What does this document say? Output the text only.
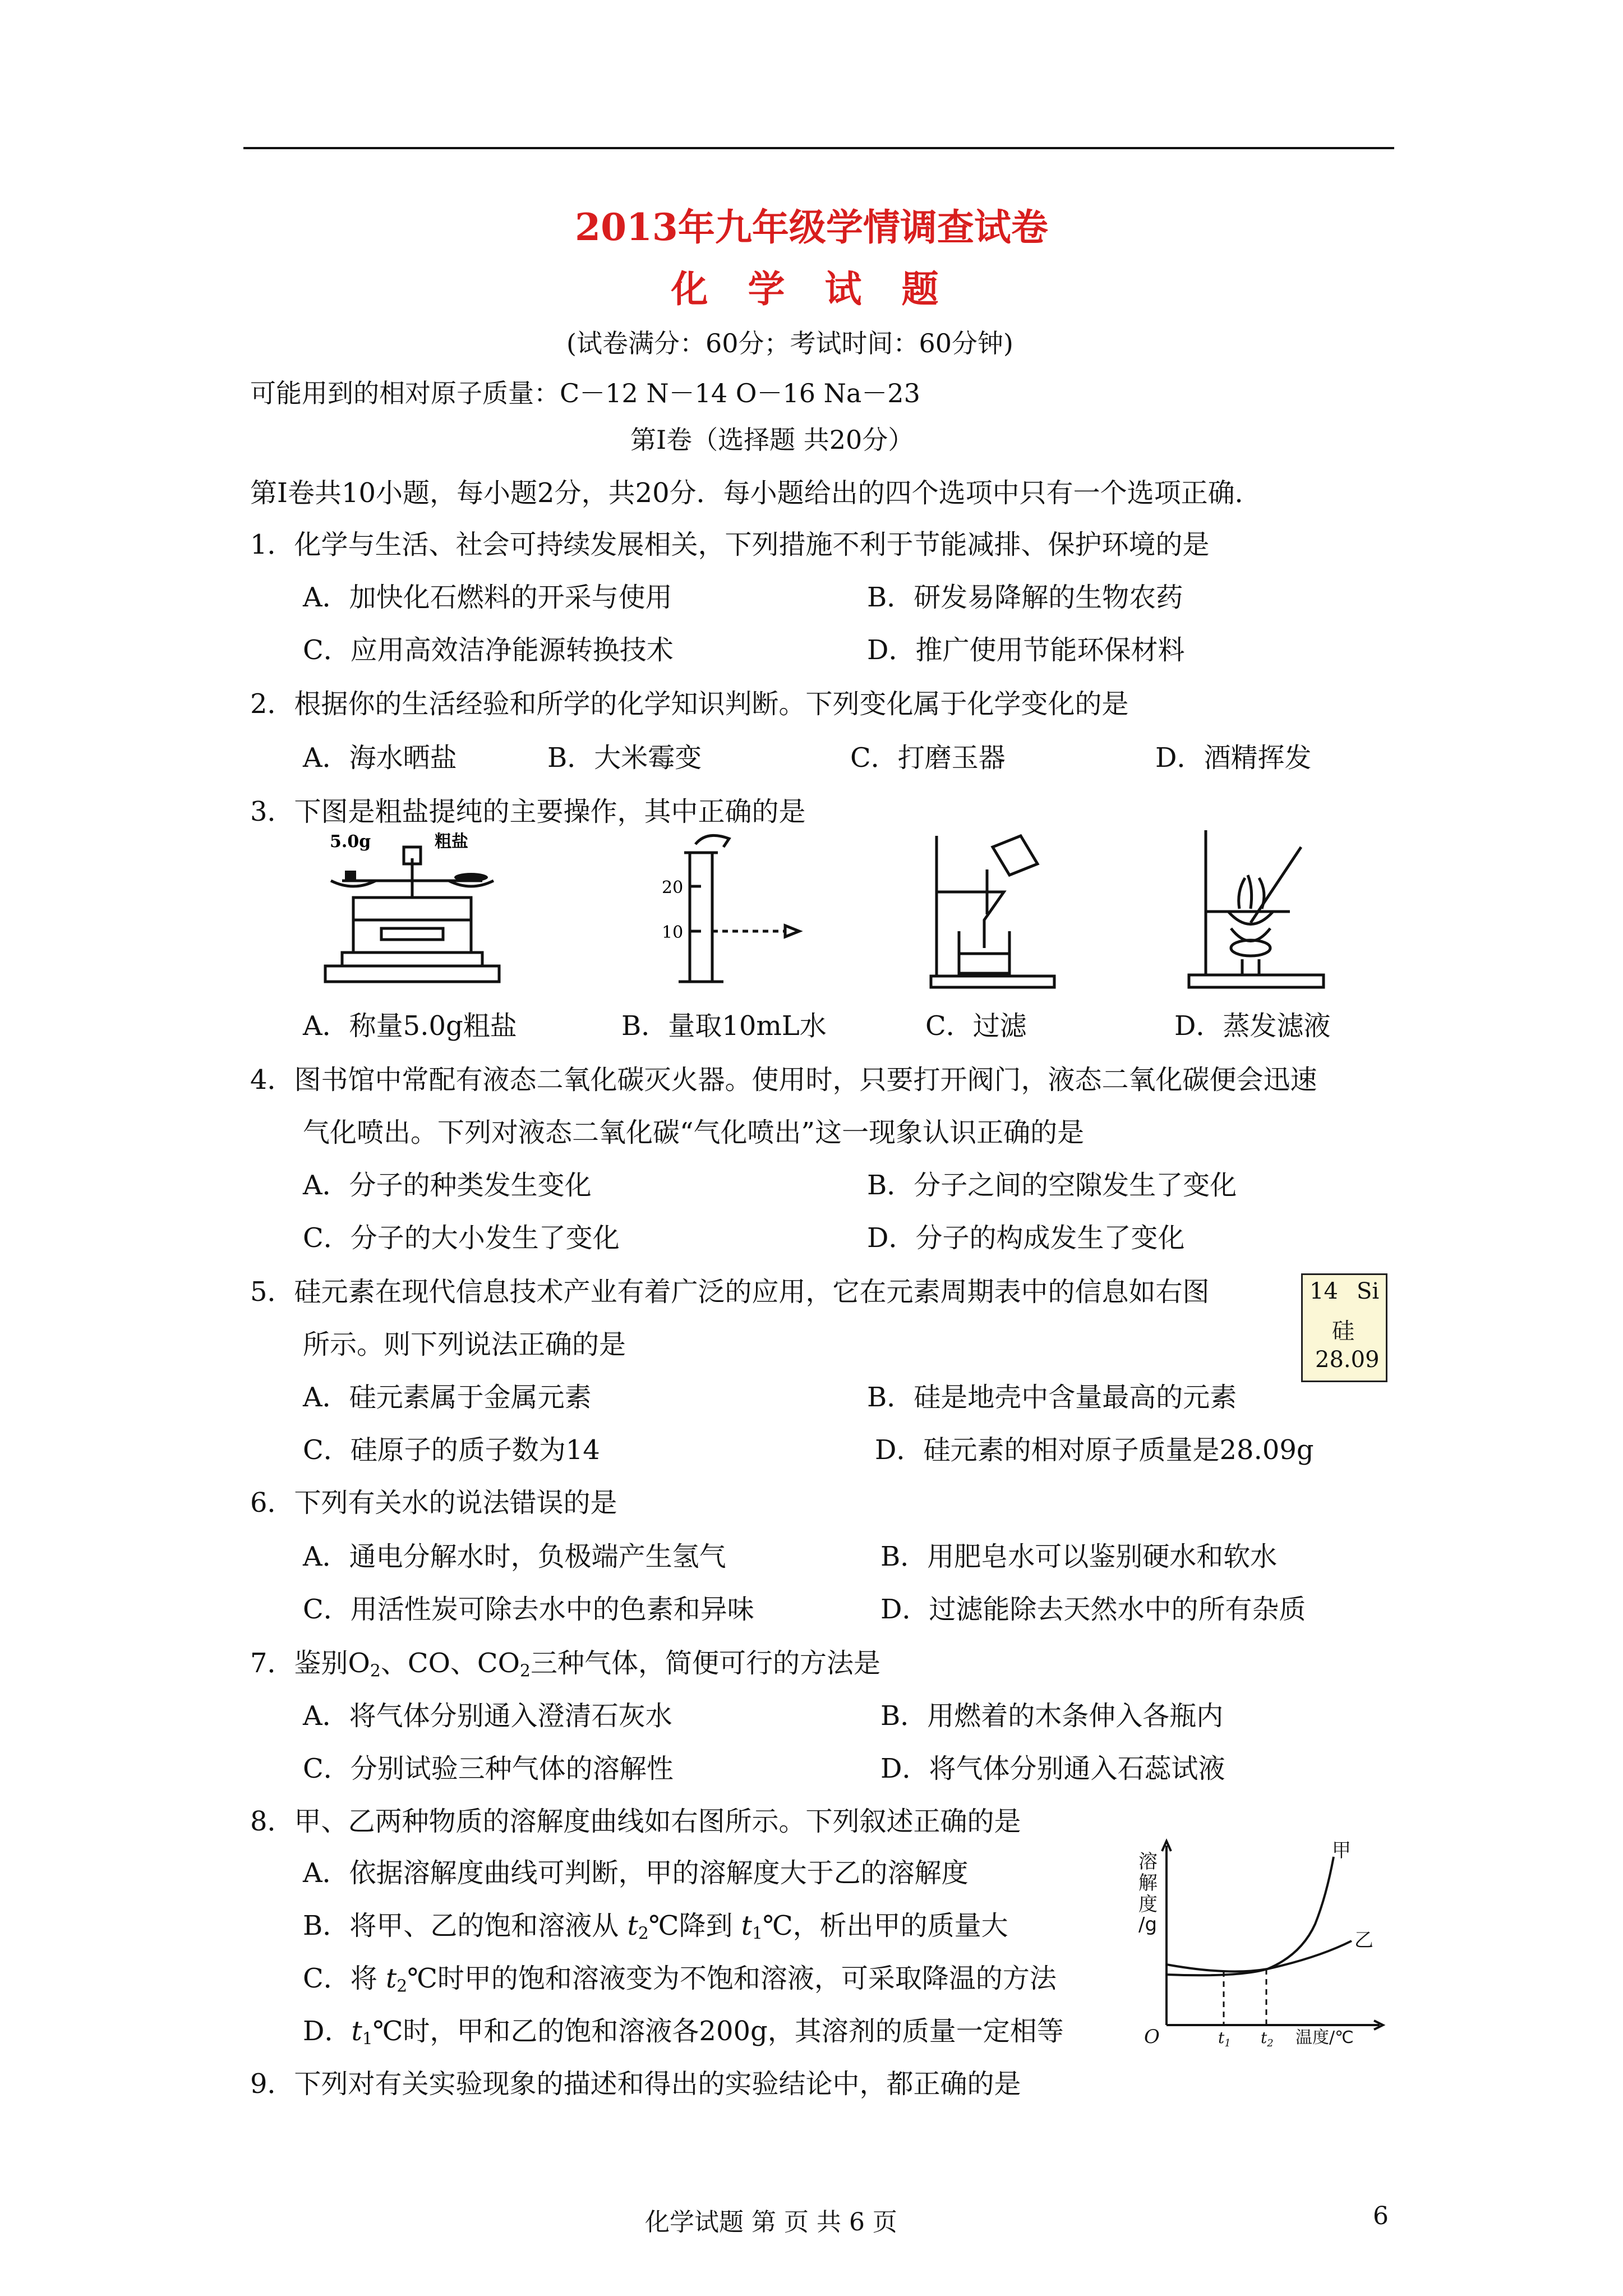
2013年九年级学情调查试卷
化 学 试 题
(试卷满分：60分；考试时间：60分钟)
可能用到的相对原子质量：C－12 N－14 O－16 Na－23
第Ⅰ卷（选择题 共20分）
第Ⅰ卷共10小题，每小题2分，共20分．每小题给出的四个选项中只有一个选项正确．
1．化学与生活、社会可持续发展相关，下列措施不利于节能减排、保护环境的是
A．加快化石燃料的开采与使用	B．研发易降解的生物农药
C．应用高效洁净能源转换技术	D．推广使用节能环保材料
2．根据你的生活经验和所学的化学知识判断。下列变化属于化学变化的是
A．海水晒盐	B．大米霉变	C．打磨玉器	D．酒精挥发
3．下图是粗盐提纯的主要操作，其中正确的是
5.0g	粗盐
20
10
A．称量5.0g粗盐	B．量取10mL水	C．过滤	D．蒸发滤液
4．图书馆中常配有液态二氧化碳灭火器。使用时，只要打开阀门，液态二氧化碳便会迅速
气化喷出。下列对液态二氧化碳“气化喷出”这一现象认识正确的是
A．分子的种类发生变化	B．分子之间的空隙发生了变化
C．分子的大小发生了变化	D．分子的构成发生了变化
5．硅元素在现代信息技术产业有着广泛的应用，它在元素周期表中的信息如右图
所示。则下列说法正确的是
14 Si
硅
28.09
A．硅元素属于金属元素	B．硅是地壳中含量最高的元素
C．硅原子的质子数为14	D．硅元素的相对原子质量是28.09g
6．下列有关水的说法错误的是
A．通电分解水时，负极端产生氢气	B．用肥皂水可以鉴别硬水和软水
C．用活性炭可除去水中的色素和异味	D．过滤能除去天然水中的所有杂质
7．鉴别$O_2$、CO、$CO_2$三种气体，简便可行的方法是
A．将气体分别通入澄清石灰水	B．用燃着的木条伸入各瓶内
C．分别试验三种气体的溶解性	D．将气体分别通入石蕊试液
8．甲、乙两种物质的溶解度曲线如右图所示。下列叙述正确的是
A．依据溶解度曲线可判断，甲的溶解度大于乙的溶解度
B．将甲、乙的饱和溶液从 $t_2℃$降到 $t_1℃$，析出甲的质量大
C．将 $t_2℃$时甲的饱和溶液变为不饱和溶液，可采取降温的方法
D．$t_1℃$时，甲和乙的饱和溶液各200g，其溶剂的质量一定相等
溶
解
度
/g
甲
乙
O	温度/℃
$t_1$ $t_2$
9．下列对有关实验现象的描述和得出的实验结论中，都正确的是
化学试题 第 页 共 6 页	6
